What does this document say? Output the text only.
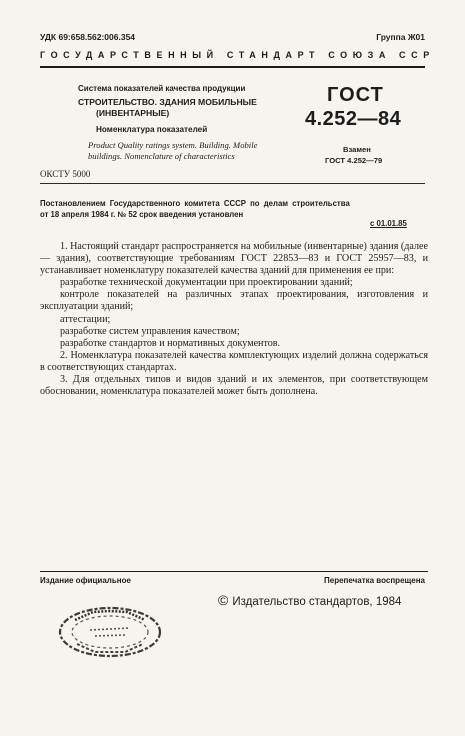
УДК 69:658.562:006.354	Группа Ж01
ГОСУДАРСТВЕННЫЙ СТАНДАРТ СОЮЗА ССР
Система показателей качества продукции
СТРОИТЕЛЬСТВО. ЗДАНИЯ МОБИЛЬНЫЕ
(ИНВЕНТАРНЫЕ)
Номенклатура показателей
Product Quality ratings system. Building. Mobile buildings. Nomenclature of characteristics
ГОСТ
4.252—84
Взамен
ГОСТ 4.252—79
ОКСТУ 5000
Постановлением Государственного комитета СССР по делам строительства
от 18 апреля 1984 г. № 52 срок введения установлен
с 01.01.85

1. Настоящий стандарт распространяется на мобильные (инвентарные) здания (далее — здания), соответствующие требованиям ГОСТ 22853—83 и ГОСТ 25957—83, и устанавливает номенклатуру показателей качества зданий для применения ее при:

разработке технической документации при проектировании зданий;

контроле показателей на различных этапах проектирования, изготовления и эксплуатации зданий;

аттестации;

разработке систем управления качеством;

разработке стандартов и нормативных документов.

2. Номенклатура показателей качества комплектующих изделий должна содержаться в соответствующих стандартах.

3. Для отдельных типов и видов зданий и их элементов, при соответствующем обосновании, номенклатура показателей может быть дополнена.

Издание официальное	Перепечатка воспрещена
© Издательство стандартов, 1984
